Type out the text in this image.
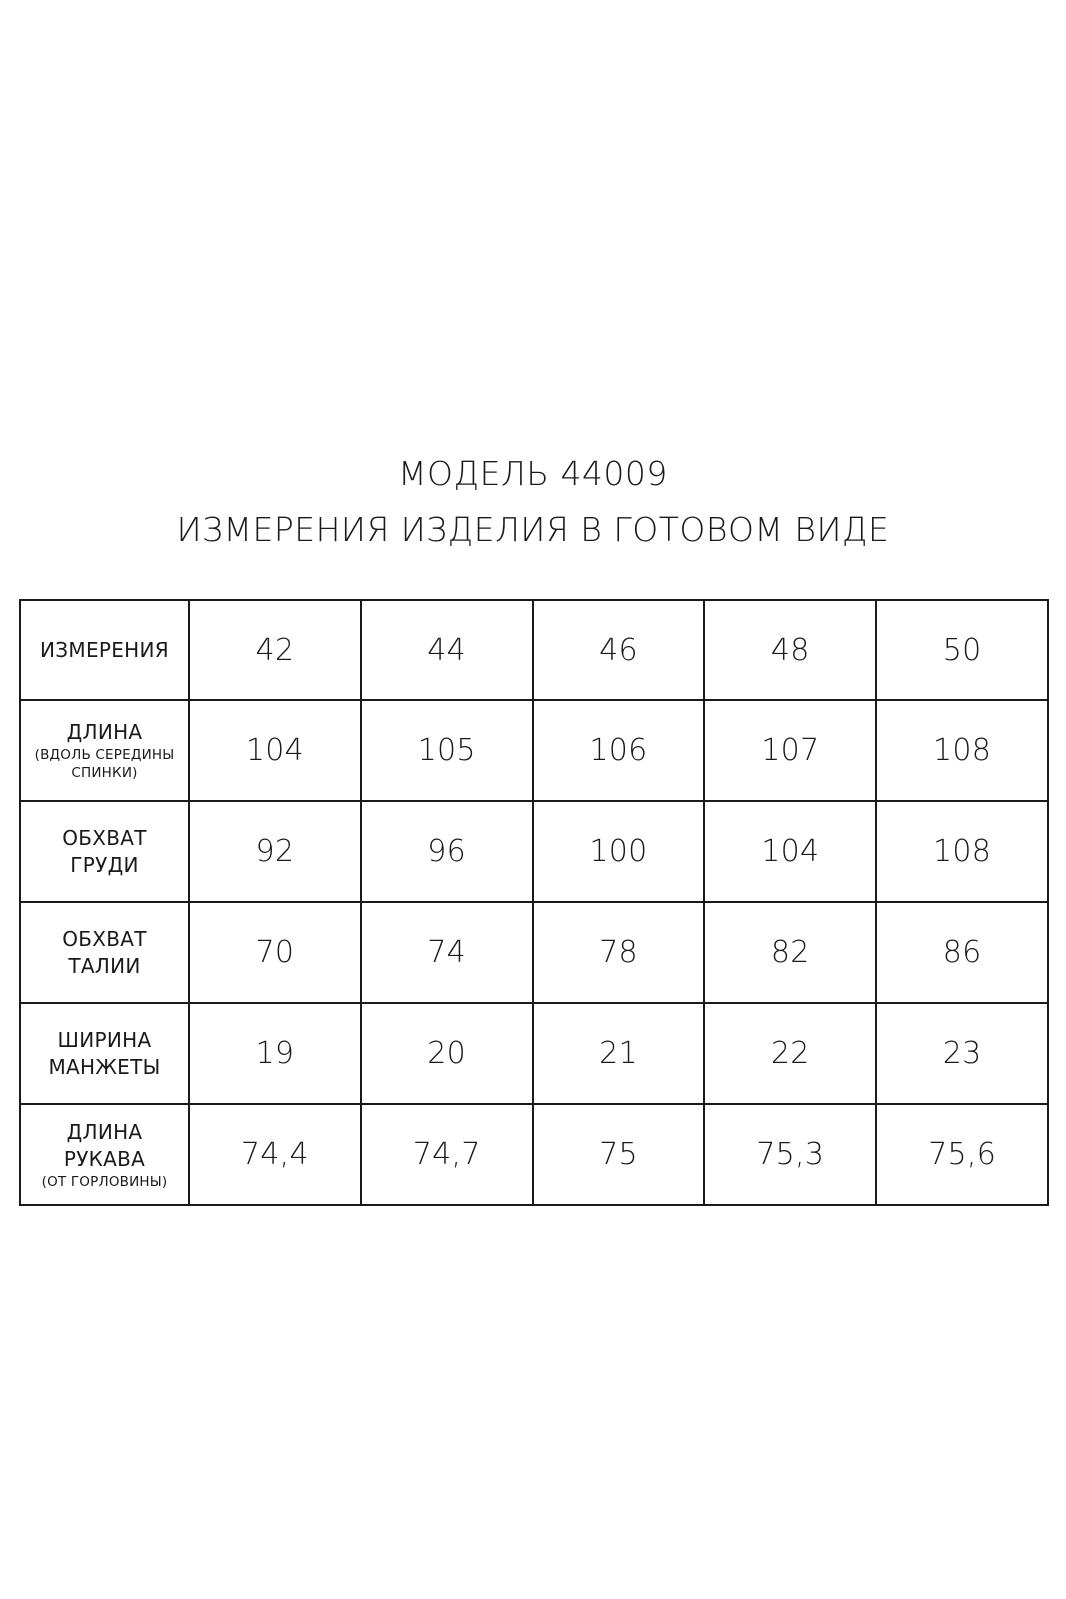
МОДЕЛЬ 44009
ИЗМЕРЕНИЯ ИЗДЕЛИЯ В ГОТОВОМ ВИДЕ
ИЗМЕРЕНИЯ	42	44	46	48	50

ДЛИНА
(ВДОЛЬ СЕРЕДИНЫ
СПИНКИ)	104	105	106	107	108

ОБХВАТ
ГРУДИ	92	96	100	104	108

ОБХВАТ
ТАЛИИ	70	74	78	82	86

ШИРИНА
МАНЖЕТЫ	19	20	21	22	23

ДЛИНА
РУКАВА
(ОТ ГОРЛОВИНЫ)	74,4	74,7	75	75,3	75,6
